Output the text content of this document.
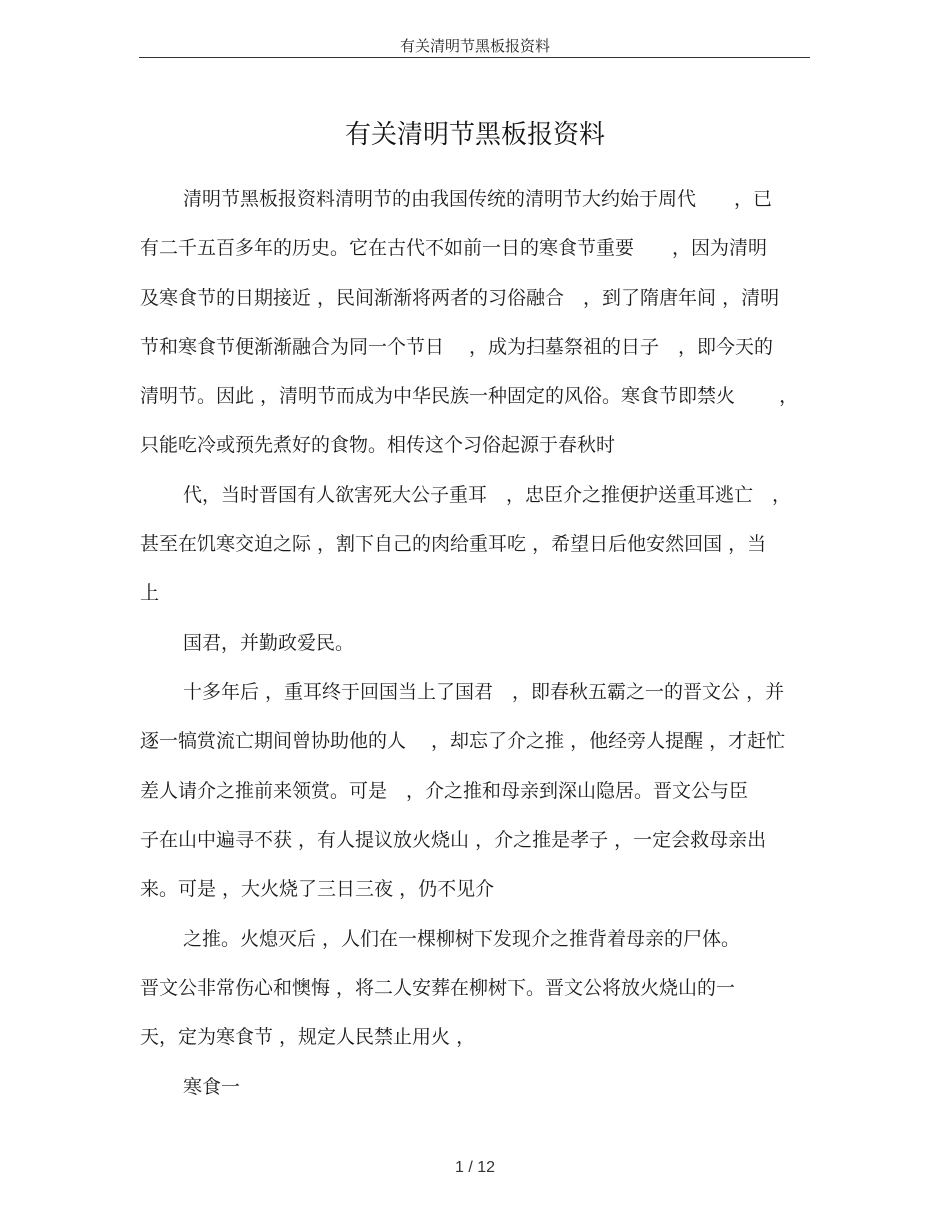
有关清明节黑板报资料
有关清明节黑板报资料
清明节黑板报资料清明节的由我国传统的清明节大约始于周代　　，已
有二千五百多年的历史。它在古代不如前一日的寒食节重要　　，因为清明
及寒食节的日期接近 ，民间渐渐将两者的习俗融合　，到了隋唐年间 ，清明
节和寒食节便渐渐融合为同一个节日　 ，成为扫墓祭祖的日子　，即今天的
清明节。因此 ，清明节而成为中华民族一种固定的风俗。寒食节即禁火　　 ，
只能吃冷或预先煮好的食物。相传这个习俗起源于春秋时
代，当时晋国有人欲害死大公子重耳　，忠臣介之推便护送重耳逃亡　，
甚至在饥寒交迫之际 ，割下自己的肉给重耳吃 ，希望日后他安然回国 ，当
上
国君，并勤政爱民。
十多年后 ，重耳终于回国当上了国君　，即春秋五霸之一的晋文公 ，并
逐一犒赏流亡期间曾协助他的人　 ，却忘了介之推 ，他经旁人提醒 ，才赶忙
差人请介之推前来领赏。可是　，介之推和母亲到深山隐居。晋文公与臣
子在山中遍寻不获 ，有人提议放火烧山 ，介之推是孝子 ，一定会救母亲出
来。可是 ，大火烧了三日三夜 ，仍不见介
之推。火熄灭后 ，人们在一棵柳树下发现介之推背着母亲的尸体。
晋文公非常伤心和懊悔 ，将二人安葬在柳树下。晋文公将放火烧山的一
天，定为寒食节 ，规定人民禁止用火 ，
寒食一
1 / 12
